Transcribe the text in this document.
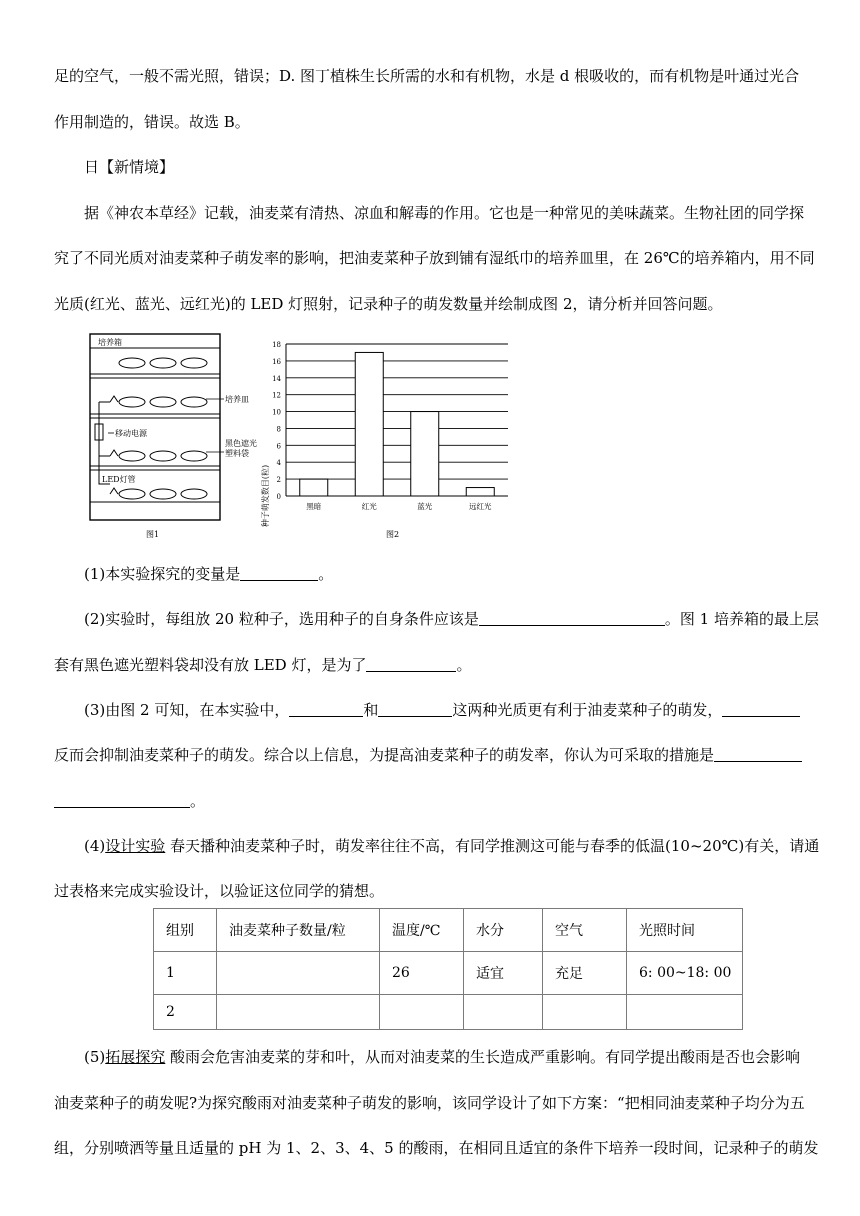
足的空气，一般不需光照，错误；D. 图丁植株生长所需的水和有机物，水是 d 根吸收的，而有机物是叶通过光合
作用制造的，错误。故选 B。
日【新情境】
据《神农本草经》记载，油麦菜有清热、凉血和解毒的作用。它也是一种常见的美味蔬菜。生物社团的同学探
究了不同光质对油麦菜种子萌发率的影响，把油麦菜种子放到铺有湿纸巾的培养皿里，在 26℃的培养箱内，用不同
光质(红光、蓝光、远红光)的 LED 灯照射，记录种子的萌发数量并绘制成图 2，请分析并回答问题。
培养箱
培养皿
移动电源
黑色遮光
塑料袋
LED灯管
图1
种子萌发数目(粒)
图2
0
2
4
6
8
10
12
14
16
18
黑暗	红光	蓝光	远红光
(1)本实验探究的变量是	。
(2)实验时，每组放 20 粒种子，选用种子的自身条件应该是	。图 1 培养箱的最上层
套有黑色遮光塑料袋却没有放 LED 灯，是为了	。
(3)由图 2 可知，在本实验中，	和	这两种光质更有利于油麦菜种子的萌发，
反而会抑制油麦菜种子的萌发。综合以上信息，为提高油麦菜种子的萌发率，你认为可采取的措施是
。
(4)设计实验 春天播种油麦菜种子时，萌发率往往不高，有同学推测这可能与春季的低温(10~20℃)有关，请通
过表格来完成实验设计，以验证这位同学的猜想。
组别	油麦菜种子数量/粒	温度/℃	水分	空气	光照时间
1		26	适宜	充足	6: 00~18: 00
2					
(5)拓展探究 酸雨会危害油麦菜的芽和叶，从而对油麦菜的生长造成严重影响。有同学提出酸雨是否也会影响
油麦菜种子的萌发呢?为探究酸雨对油麦菜种子萌发的影响，该同学设计了如下方案：“把相同油麦菜种子均分为五
组，分别喷洒等量且适量的 pH 为 1、2、3、4、5 的酸雨，在相同且适宜的条件下培养一段时间，记录种子的萌发
